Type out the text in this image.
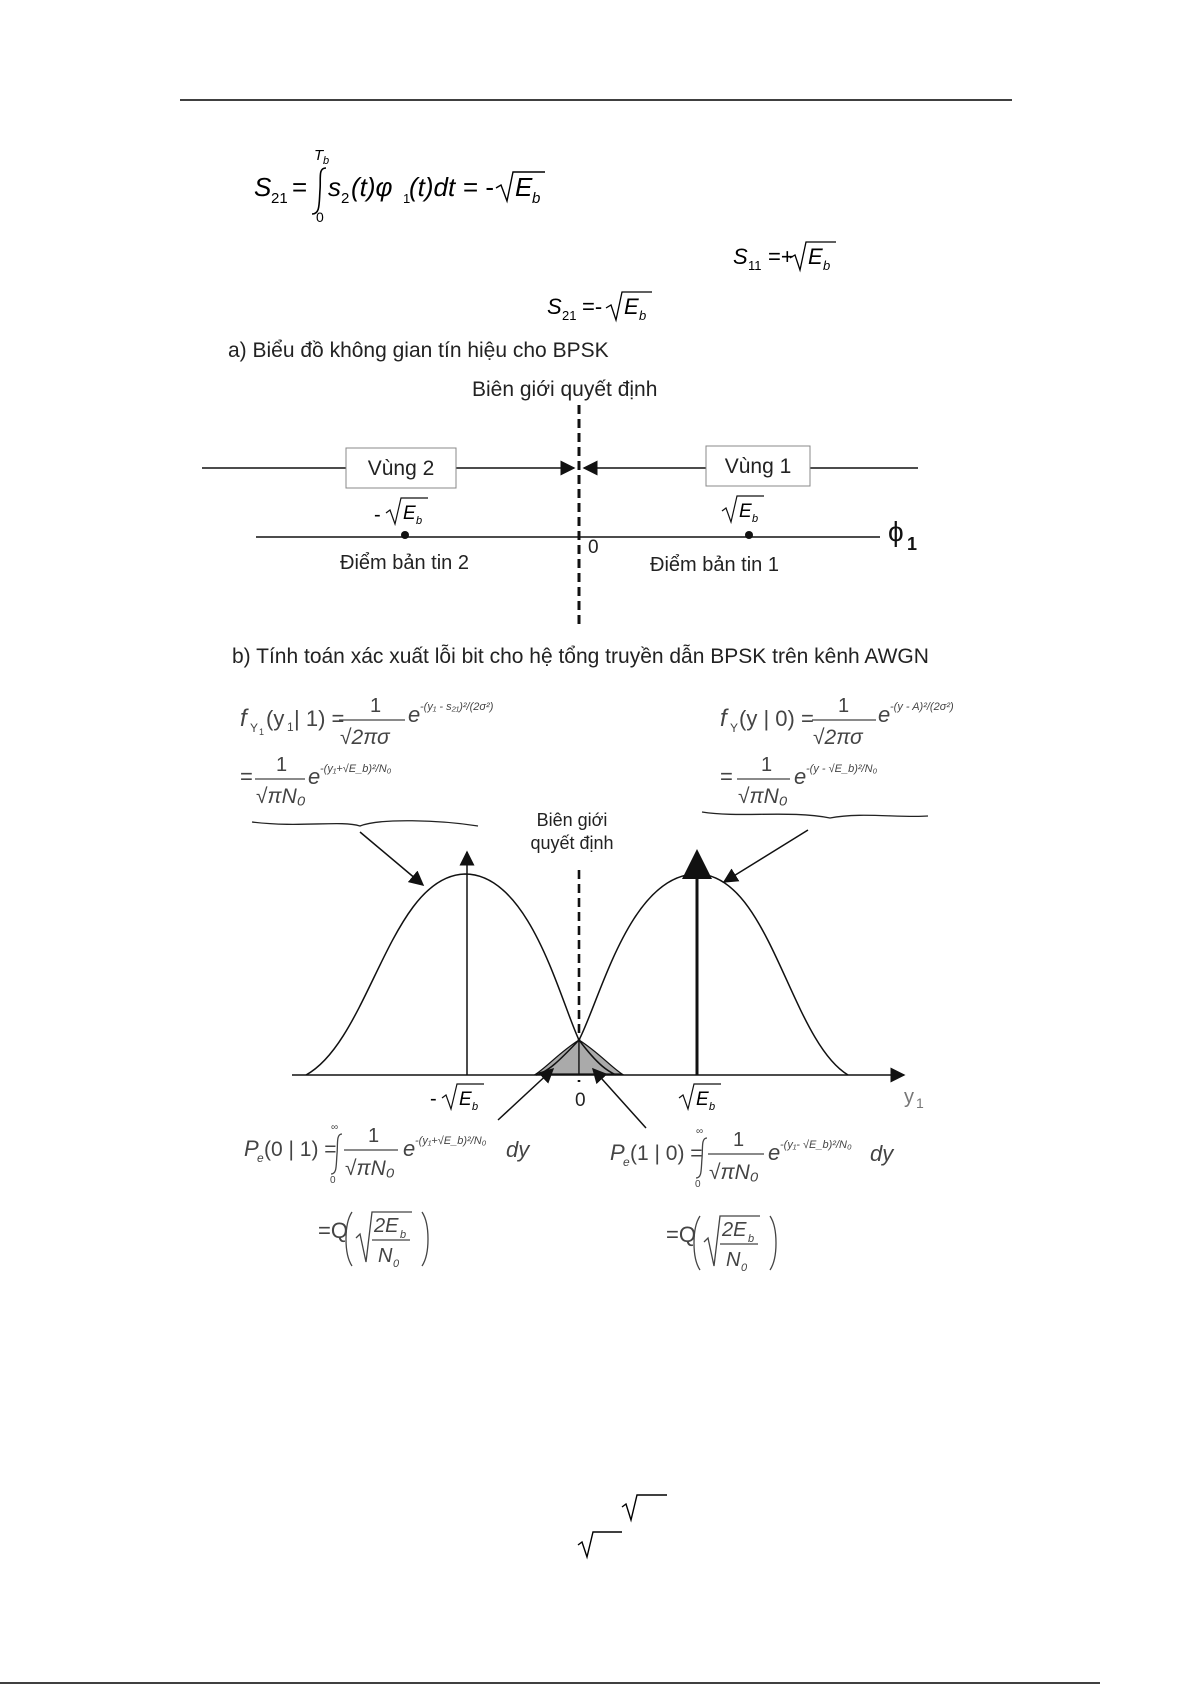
S 21 =
T b
0
s 2 (t)φ 1
(t)dt = - E b
S 11 =+ E b
S 21 =- E b
a) Biểu đồ không gian tín hiệu cho BPSK
Biên giới quyết định
Vùng 2	Vùng 1
ϕ 1
- E b	E b
0
Điểm bản tin 2	Điểm bản tin 1
b) Tính toán xác xuất lỗi bit cho hệ tổng truyền dẫn BPSK trên kênh AWGN
f Y 1
(y 1 | 1) = 1
√2πσ
e -(y₁ - s₂₁)²/(2σ²)
= 1
√πN₀
e -(y₁+√E_b)²/N₀
f Y (y | 0) = 1
√2πσ
e -(y - A)²/(2σ²)
= 1
√πN₀
e -(y - √E_b)²/N₀
Biên giới
quyết định
y 1
- E b	0	E b
P
e (0 | 1) =
∞
0
1
√πN₀
e -(y₁+√E_b)²/N₀ dy
=Q 2E b
N 0
P
e (1 | 0) =
∞
0
1
√πN₀
e -(y₁- √E_b)²/N₀ dy
=Q 2E b
N 0
